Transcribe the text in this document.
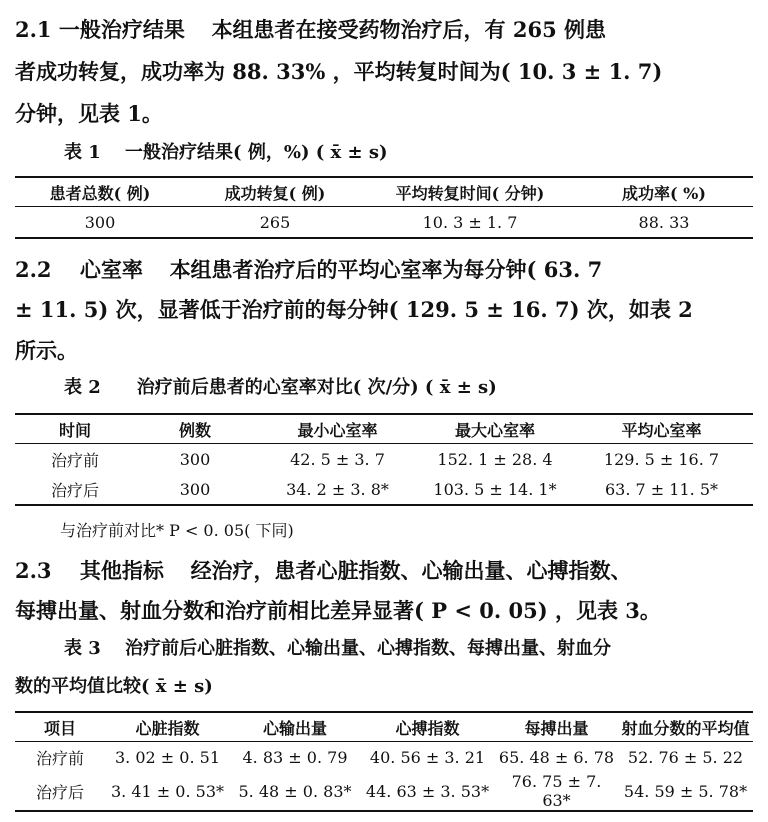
2.1 一般治疗结果 本组患者在接受药物治疗后，有 265 例患
者成功转复，成功率为 88. 33% ，平均转复时间为( 10. 3 ± 1. 7)
分钟，见表 1。
表 1　 一般治疗结果( 例，%) ( x̄ ± s)
患者总数( 例)	成功转复( 例)	平均转复时间( 分钟)	成功率( %)
300	265	10. 3 ± 1. 7	88. 33
2.2　 心室率 本组患者治疗后的平均心室率为每分钟( 63. 7
± 11. 5) 次，显著低于治疗前的每分钟( 129. 5 ± 16. 7) 次，如表 2
所示。
表 2　　治疗前后患者的心室率对比( 次/分) ( x̄ ± s)
时间	例数	最小心室率	最大心室率	平均心室率
治疗前	300	42. 5 ± 3. 7	152. 1 ± 28. 4	129. 5 ± 16. 7
治疗后	300	34. 2 ± 3. 8*	103. 5 ± 14. 1*	63. 7 ± 11. 5*
与治疗前对比* P < 0. 05( 下同)
2.3　 其他指标 经治疗，患者心脏指数、心输出量、心搏指数、
每搏出量、射血分数和治疗前相比差异显著( P < 0. 05) ，见表 3。
表 3　 治疗前后心脏指数、心输出量、心搏指数、每搏出量、射血分
数的平均值比较( x̄ ± s)
项目	心脏指数	心输出量	心搏指数	每搏出量	射血分数的平均值
治疗前	3. 02 ± 0. 51	4. 83 ± 0. 79	40. 56 ± 3. 21	65. 48 ± 6. 78	52. 76 ± 5. 22
治疗后	3. 41 ± 0. 53*	5. 48 ± 0. 83*	44. 63 ± 3. 53*	76. 75 ± 7. 63*	54. 59 ± 5. 78*
